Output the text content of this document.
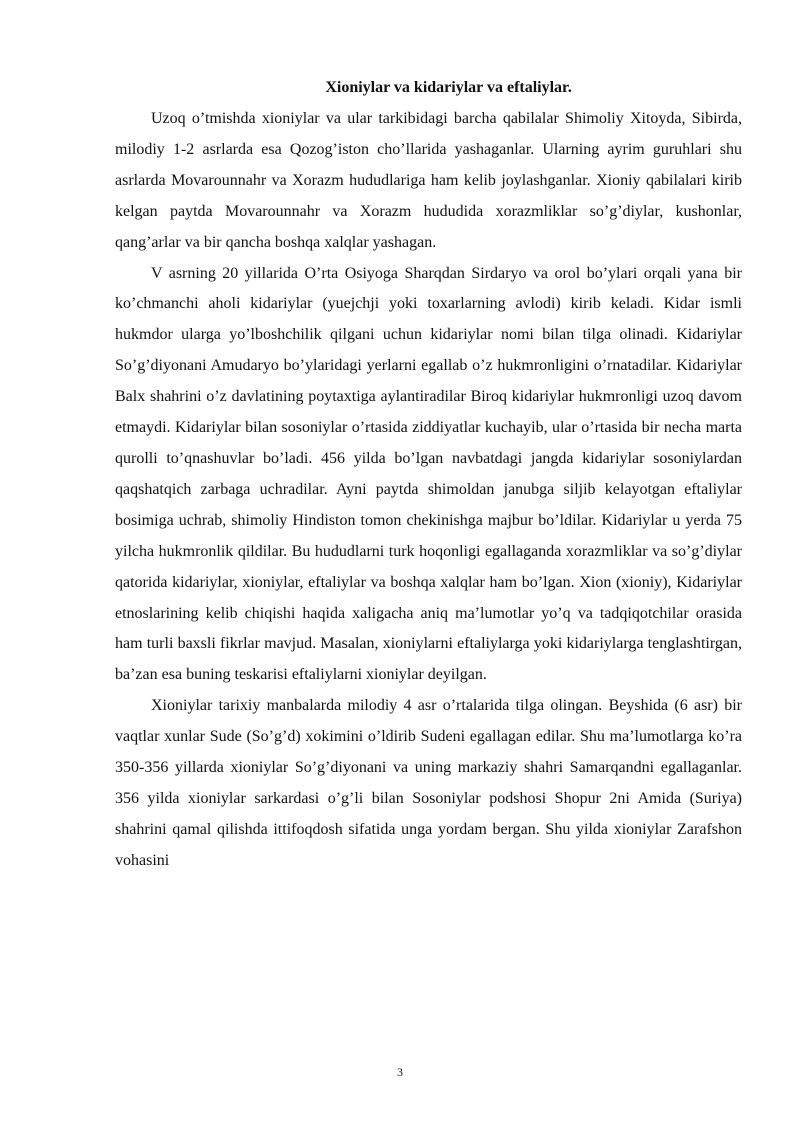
Xioniylar va kidariylar va eftaliylar.

Uzoq o’tmishda xioniylar va ular tarkibidagi barcha qabilalar Shimoliy Xitoyda, Sibirda, milodiy 1-2 asrlarda esa Qozog’iston cho’llarida yashaganlar. Ularning ayrim guruhlari shu asrlarda Movarounnahr va Xorazm hududlariga ham kelib joylashganlar. Xioniy qabilalari kirib kelgan paytda Movarounnahr va Xorazm hududida xorazmliklar so’g’diylar, kushonlar, qang’arlar va bir qancha boshqa xalqlar yashagan.

V asrning 20 yillarida O’rta Osiyoga Sharqdan Sirdaryo va orol bo’ylari orqali yana bir ko’chmanchi aholi kidariylar (yuejchji yoki toxarlarning avlodi) kirib keladi. Kidar ismli hukmdor ularga yo’lboshchilik qilgani uchun kidariylar nomi bilan tilga olinadi. Kidariylar So’g’diyonani Amudaryo bo’ylaridagi yerlarni egallab o’z hukmronligini o’rnatadilar. Kidariylar Balx shahrini o’z davlatining poytaxtiga aylantiradilar Biroq kidariylar hukmronligi uzoq davom etmaydi. Kidariylar bilan sosoniylar o’rtasida ziddiyatlar kuchayib, ular o’rtasida bir necha marta qurolli to’qnashuvlar bo’ladi. 456 yilda bo’lgan navbatdagi jangda kidariylar sosoniylardan qaqshatqich zarbaga uchradilar. Ayni paytda shimoldan janubga siljib kelayotgan eftaliylar bosimiga uchrab, shimoliy Hindiston tomon chekinishga majbur bo’ldilar. Kidariylar u yerda 75 yilcha hukmronlik qildilar. Bu hududlarni turk hoqonligi egallaganda xorazmliklar va so’g’diylar qatorida kidariylar, xioniylar, eftaliylar va boshqa xalqlar ham bo’lgan. Xion (xioniy), Kidariylar etnoslarining kelib chiqishi haqida xaligacha aniq ma’lumotlar yo’q va tadqiqotchilar orasida ham turli baxsli fikrlar mavjud. Masalan, xioniylarni eftaliylarga yoki kidariylarga tenglashtirgan, ba’zan esa buning teskarisi eftaliylarni xioniylar deyilgan.

Xioniylar tarixiy manbalarda milodiy 4 asr o’rtalarida tilga olingan. Beyshida (6 asr) bir vaqtlar xunlar Sude (So’g’d) xokimini o’ldirib Sudeni egallagan edilar. Shu ma’lumotlarga ko’ra 350-356 yillarda xioniylar So’g’diyonani va uning markaziy shahri Samarqandni egallaganlar. 356 yilda xioniylar sarkardasi o’g’li bilan Sosoniylar podshosi Shopur 2ni Amida (Suriya) shahrini qamal qilishda ittifoqdosh sifatida unga yordam bergan. Shu yilda xioniylar Zarafshon vohasini

3
